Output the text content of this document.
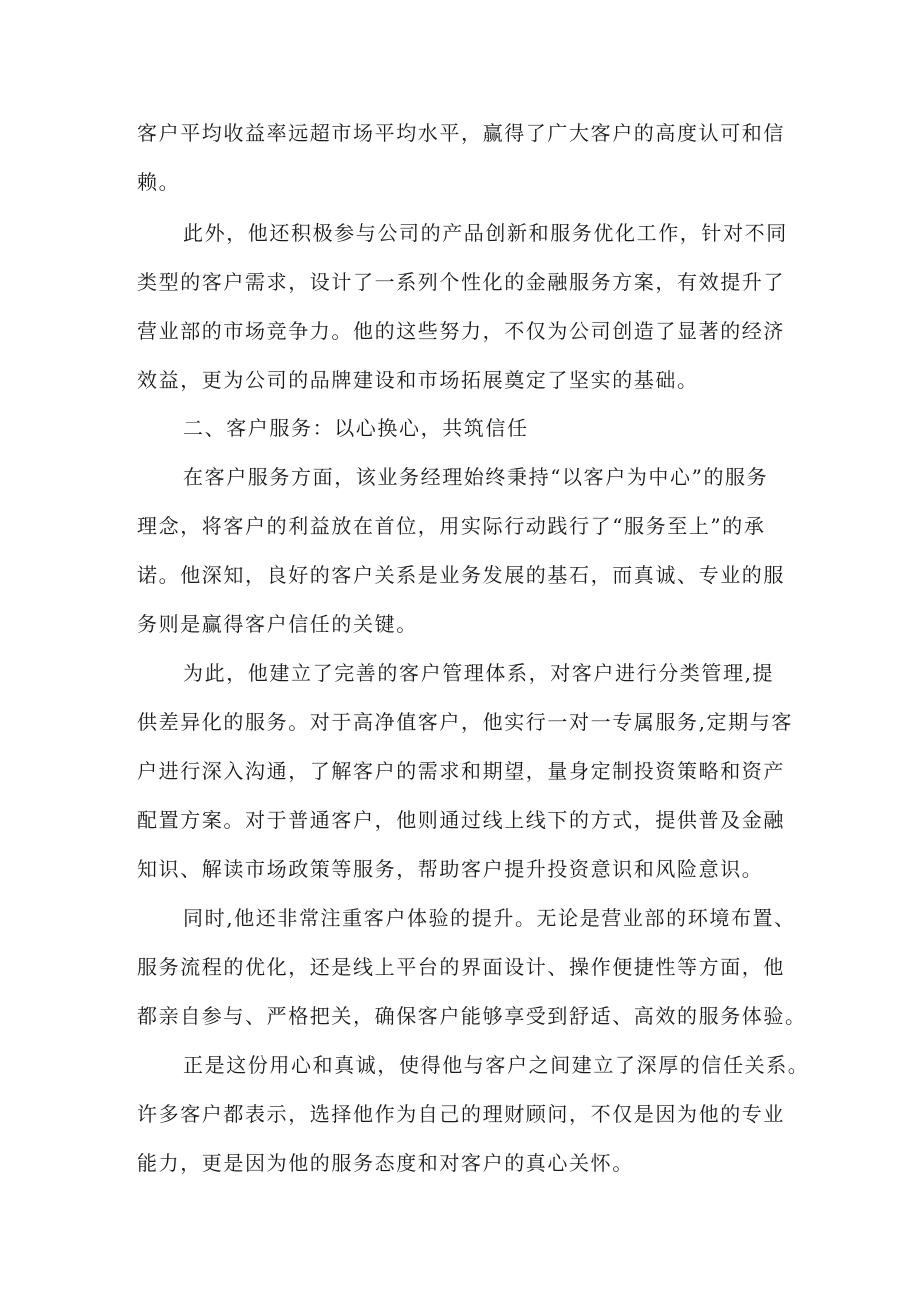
客户平均收益率远超市场平均水平，赢得了广大客户的高度认可和信
赖。
此外，他还积极参与公司的产品创新和服务优化工作，针对不同
类型的客户需求，设计了一系列个性化的金融服务方案，有效提升了
营业部的市场竞争力。他的这些努力，不仅为公司创造了显著的经济
效益，更为公司的品牌建设和市场拓展奠定了坚实的基础。
二、客户服务：以心换心，共筑信任
在客户服务方面，该业务经理始终秉持“以客户为中心”的服务
理念，将客户的利益放在首位，用实际行动践行了“服务至上”的承
诺。他深知，良好的客户关系是业务发展的基石，而真诚、专业的服
务则是赢得客户信任的关键。
为此，他建立了完善的客户管理体系，对客户进行分类管理,提
供差异化的服务。对于高净值客户，他实行一对一专属服务,定期与客
户进行深入沟通，了解客户的需求和期望，量身定制投资策略和资产
配置方案。对于普通客户，他则通过线上线下的方式，提供普及金融
知识、解读市场政策等服务，帮助客户提升投资意识和风险意识。
同时,他还非常注重客户体验的提升。无论是营业部的环境布置、
服务流程的优化，还是线上平台的界面设计、操作便捷性等方面，他
都亲自参与、严格把关，确保客户能够享受到舒适、高效的服务体验。
正是这份用心和真诚，使得他与客户之间建立了深厚的信任关系。
许多客户都表示，选择他作为自己的理财顾问，不仅是因为他的专业
能力，更是因为他的服务态度和对客户的真心关怀。
